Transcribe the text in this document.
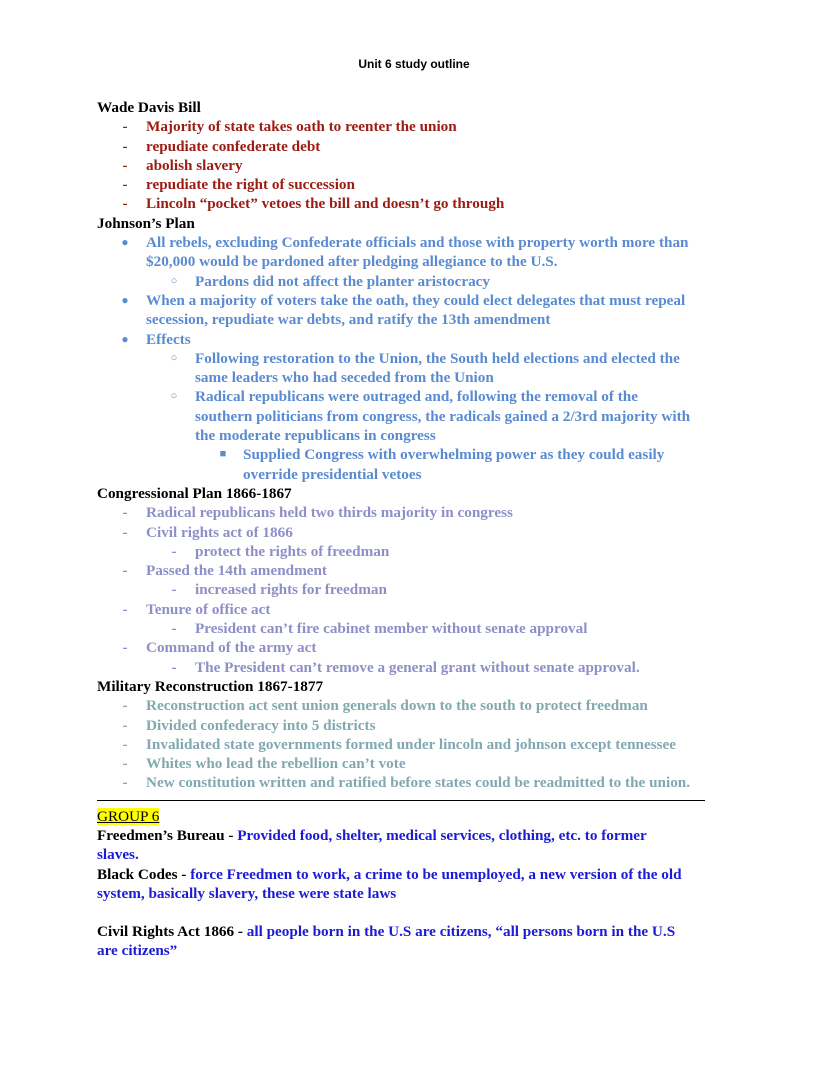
Unit 6 study outline

Wade Davis Bill

-	Majority of state takes oath to reenter the union

-	repudiate confederate debt

-	abolish slavery

-	repudiate the right of succession

-	Lincoln “pocket” vetoes the bill and doesn’t go through

Johnson’s Plan

●	All rebels, excluding Confederate officials and those with property worth more than

$20,000 would be pardoned after pledging allegiance to the U.S.

○	Pardons did not affect the planter aristocracy

●	When a majority of voters take the oath, they could elect delegates that must repeal

secession, repudiate war debts, and ratify the 13th amendment

●	Effects

○	Following restoration to the Union, the South held elections and elected the

same leaders who had seceded from the Union

○	Radical republicans were outraged and, following the removal of the

southern politicians from congress, the radicals gained a 2/3rd majority with

the moderate republicans in congress

■	Supplied Congress with overwhelming power as they could easily

override presidential vetoes

Congressional Plan 1866-1867

-	Radical republicans held two thirds majority in congress

-	Civil rights act of 1866

-	protect the rights of freedman

-	Passed the 14th amendment

-	increased rights for freedman

-	Tenure of office act

-	President can’t fire cabinet member without senate approval

-	Command of the army act

-	The President can’t remove a general grant without senate approval.

Military Reconstruction 1867-1877

-	Reconstruction act sent union generals down to the south to protect freedman

-	Divided confederacy into 5 districts

-	Invalidated state governments formed under lincoln and johnson except tennessee

-	Whites who lead the rebellion can’t vote

-	New constitution written and ratified before states could be readmitted to the union.

GROUP 6

Freedmen’s Bureau - Provided food, shelter, medical services, clothing, etc. to former

slaves.

Black Codes - force Freedmen to work, a crime to be unemployed, a new version of the old

system, basically slavery, these were state laws

Civil Rights Act 1866 - all people born in the U.S are citizens, “all persons born in the U.S

are citizens”
